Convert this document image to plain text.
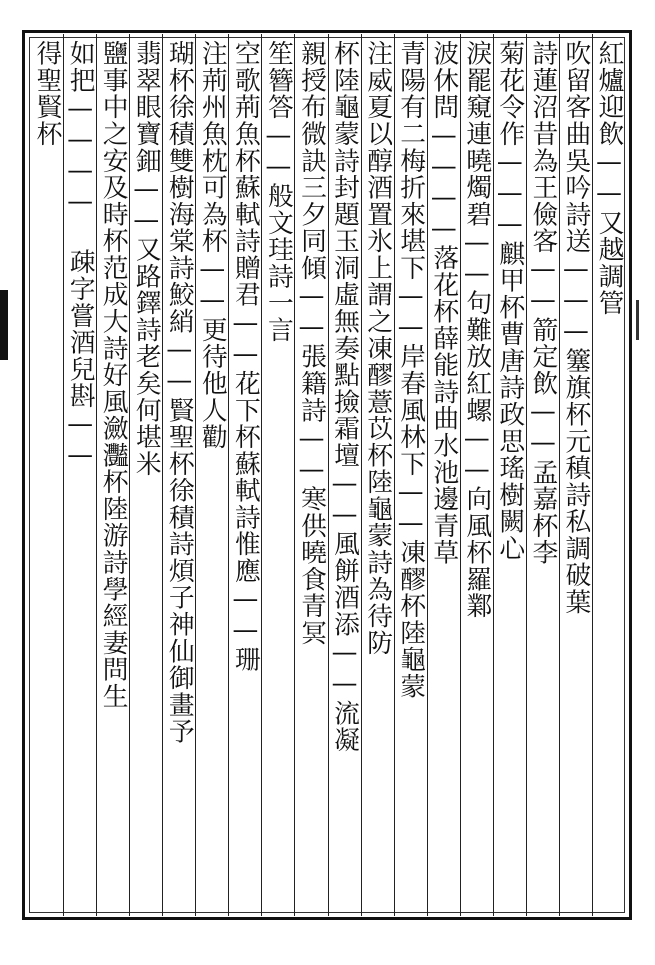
紅爐迎飲——又越調管
吹留客曲吳吟詩送———簺旗杯元稹詩私調破葉
詩蓮沼昔為王儉客——箭定飲——孟嘉杯李
菊花令作———麒甲杯曹唐詩政思瑤樹闕心
淚罷窺連曉燭碧——句難放紅螺——向風杯羅鄴
波休問————落花杯薛能詩曲水池邊青草
青陽有二梅折來堪下——岸春風林下——凍醪杯陸龜蒙
注威夏以醇酒置氷上謂之凍醪薏苡杯陸龜蒙詩為待防
杯陸龜蒙詩封題玉洞虛無奏點撿霜壇——風餅酒添——流凝
親授布微訣三夕同傾——張籍詩——寒供曉食青冥
笙簪答——般文珪詩一言
空歌荊魚杯蘇軾詩贈君——花下杯蘇軾詩惟應——珊
注荊州魚枕可為杯——更待他人勸
瑚杯徐積雙樹海棠詩鮫綃——賢聖杯徐積詩煩子神仙御畫予
翡翠眼寶鈿——又路鐸詩老矣何堪米
鹽事中之安及時杯范成大詩好風瀲灩杯陸游詩學經妻問生
如把———— 疎字嘗酒兒斟——
得聖賢杯
